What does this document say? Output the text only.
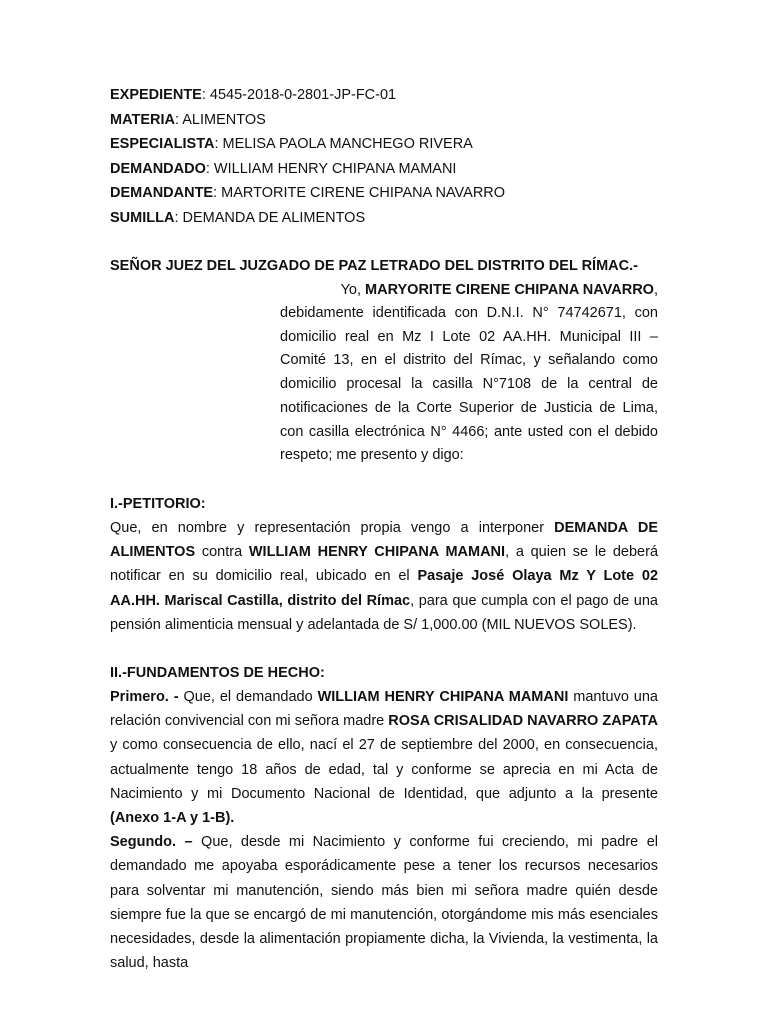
EXPEDIENTE: 4545-2018-0-2801-JP-FC-01
MATERIA: ALIMENTOS
ESPECIALISTA: MELISA PAOLA MANCHEGO RIVERA
DEMANDADO: WILLIAM HENRY CHIPANA MAMANI
DEMANDANTE: MARTORITE CIRENE CHIPANA NAVARRO
SUMILLA: DEMANDA DE ALIMENTOS
SEÑOR JUEZ DEL JUZGADO DE PAZ LETRADO DEL DISTRITO DEL RÍMAC.-
Yo, MARYORITE CIRENE CHIPANA NAVARRO,
debidamente identificada con D.N.I. N° 74742671, con domicilio real en Mz I Lote 02 AA.HH. Municipal III – Comité 13, en el distrito del Rímac, y señalando como domicilio procesal la casilla N°7108 de la central de notificaciones de la Corte Superior de Justicia de Lima, con casilla electrónica N° 4466; ante usted con el debido respeto; me presento y digo:
I.-PETITORIO:
Que, en nombre y representación propia vengo a interponer DEMANDA DE ALIMENTOS contra WILLIAM HENRY CHIPANA MAMANI, a quien se le deberá notificar en su domicilio real, ubicado en el Pasaje José Olaya Mz Y Lote 02 AA.HH. Mariscal Castilla, distrito del Rímac, para que cumpla con el pago de una pensión alimenticia mensual y adelantada de S/ 1,000.00 (MIL NUEVOS SOLES).
II.-FUNDAMENTOS DE HECHO:
Primero. - Que, el demandado WILLIAM HENRY CHIPANA MAMANI mantuvo una relación convivencial con mi señora madre ROSA CRISALIDAD NAVARRO ZAPATA y como consecuencia de ello, nací el 27 de septiembre del 2000, en consecuencia, actualmente tengo 18 años de edad, tal y conforme se aprecia en mi Acta de Nacimiento y mi Documento Nacional de Identidad, que adjunto a la presente (Anexo 1-A y 1-B).
Segundo. – Que, desde mi Nacimiento y conforme fui creciendo, mi padre el demandado me apoyaba esporádicamente pese a tener los recursos necesarios para solventar mi manutención, siendo más bien mi señora madre quién desde siempre fue la que se encargó de mi manutención, otorgándome mis más esenciales necesidades, desde la alimentación propiamente dicha, la Vivienda, la vestimenta, la salud, hasta
